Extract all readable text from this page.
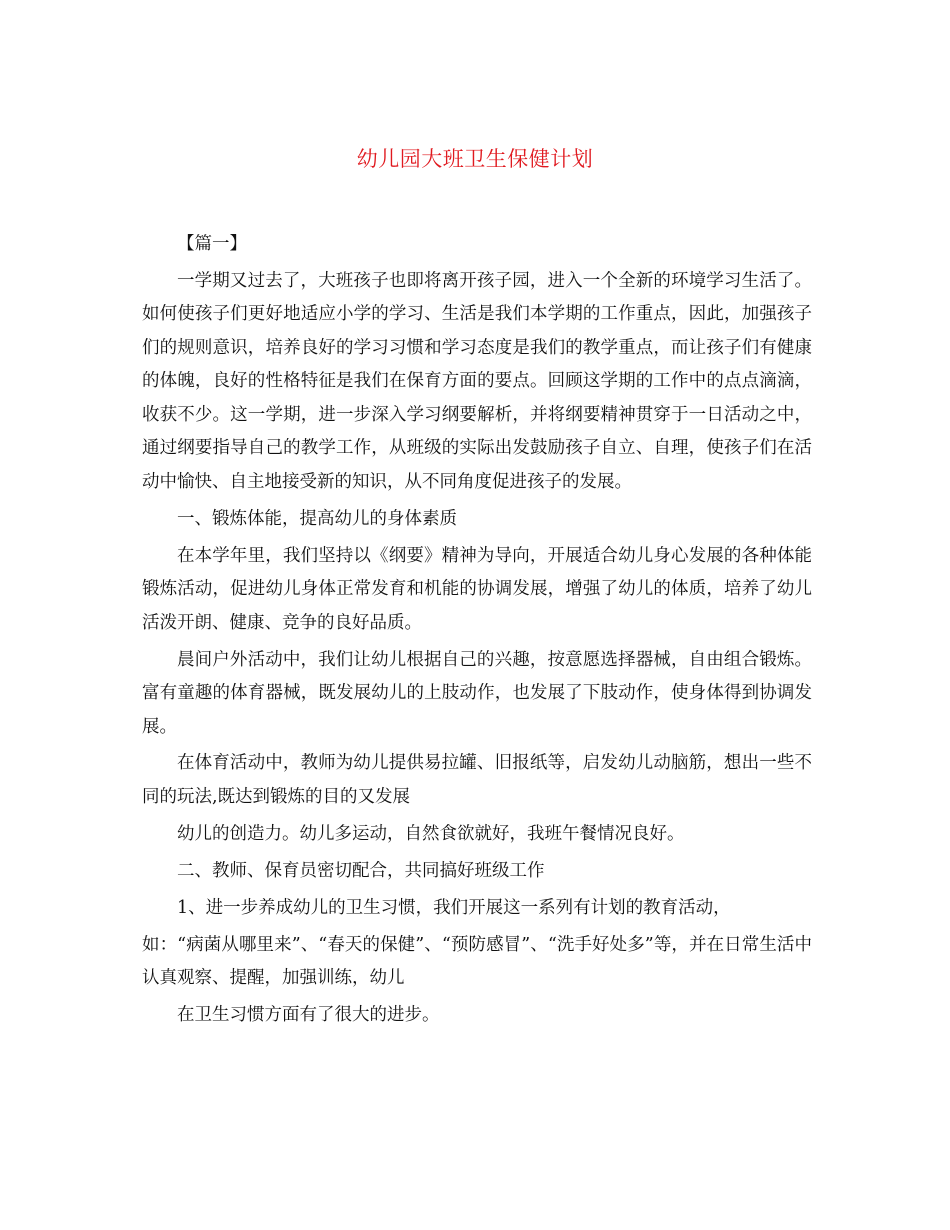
幼儿园大班卫生保健计划

【篇一】

一学期又过去了，大班孩子也即将离开孩子园，进入一个全新的环境学习生活了。如何使孩子们更好地适应小学的学习、生活是我们本学期的工作重点，因此，加强孩子们的规则意识，培养良好的学习习惯和学习态度是我们的教学重点，而让孩子们有健康的体魄，良好的性格特征是我们在保育方面的要点。回顾这学期的工作中的点点滴滴，收获不少。这一学期，进一步深入学习纲要解析，并将纲要精神贯穿于一日活动之中，通过纲要指导自己的教学工作，从班级的实际出发鼓励孩子自立、自理，使孩子们在活动中愉快、自主地接受新的知识，从不同角度促进孩子的发展。

一、锻炼体能，提高幼儿的身体素质

在本学年里，我们坚持以《纲要》精神为导向，开展适合幼儿身心发展的各种体能锻炼活动，促进幼儿身体正常发育和机能的协调发展，增强了幼儿的体质，培养了幼儿活泼开朗、健康、竞争的良好品质。

晨间户外活动中，我们让幼儿根据自己的兴趣，按意愿选择器械，自由组合锻炼。富有童趣的体育器械，既发展幼儿的上肢动作，也发展了下肢动作，使身体得到协调发展。

在体育活动中，教师为幼儿提供易拉罐、旧报纸等，启发幼儿动脑筋，想出一些不同的玩法,既达到锻炼的目的又发展

幼儿的创造力。幼儿多运动，自然食欲就好，我班午餐情况良好。

二、教师、保育员密切配合，共同搞好班级工作

1、进一步养成幼儿的卫生习惯，我们开展这一系列有计划的教育活动，

如：“病菌从哪里来”、“春天的保健”、“预防感冒”、“洗手好处多”等，并在日常生活中认真观察、提醒，加强训练，幼儿

在卫生习惯方面有了很大的进步。
